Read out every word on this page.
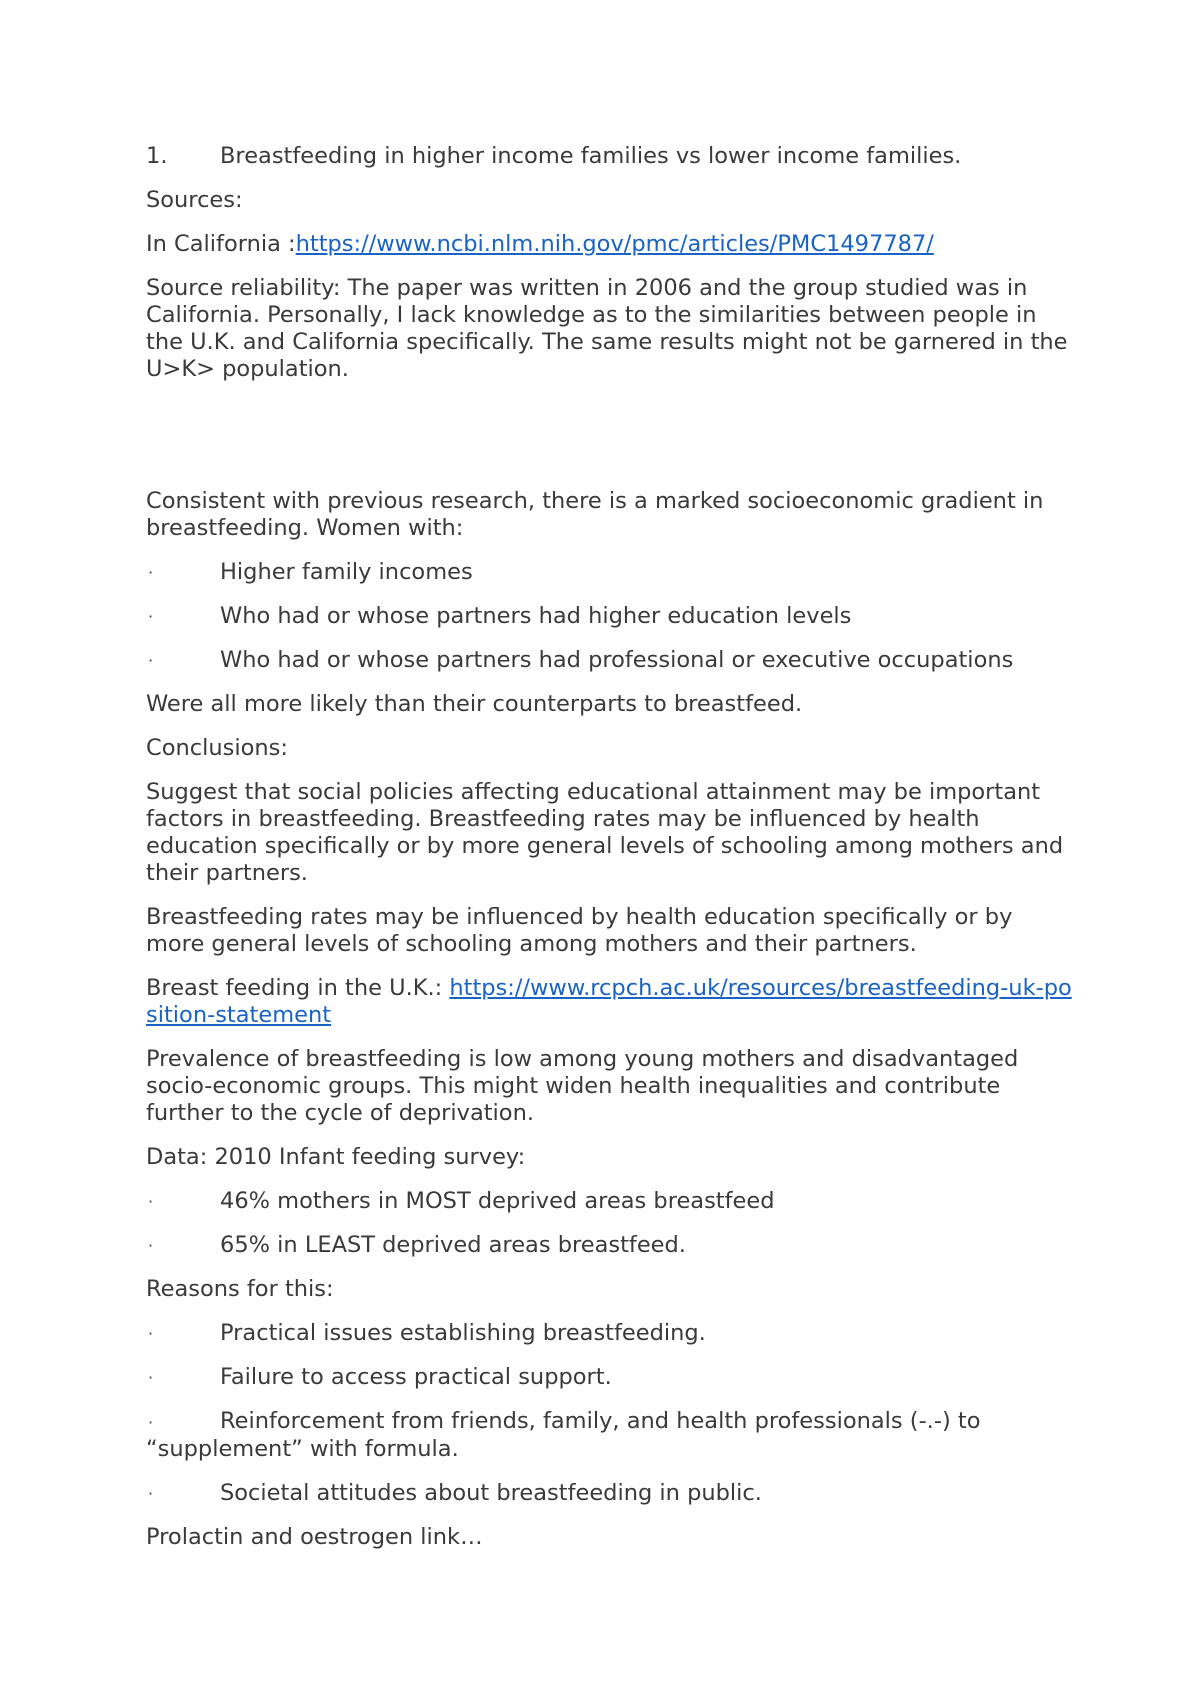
1.	Breastfeeding in higher income families vs lower income families.
Sources:
In California :https://www.ncbi.nlm.nih.gov/pmc/articles/PMC1497787/
Source reliability: The paper was written in 2006 and the group studied was in California. Personally, I lack knowledge as to the similarities between people in the U.K. and California specifically. The same results might not be garnered in the U>K> population.
Consistent with previous research, there is a marked socioeconomic gradient in breastfeeding. Women with:
·	Higher family incomes
·	Who had or whose partners had higher education levels
·	Who had or whose partners had professional or executive occupations
Were all more likely than their counterparts to breastfeed.
Conclusions:
Suggest that social policies affecting educational attainment may be important factors in breastfeeding. Breastfeeding rates may be influenced by health education specifically or by more general levels of schooling among mothers and their partners.
Breastfeeding rates may be influenced by health education specifically or by more general levels of schooling among mothers and their partners.
Breast feeding in the U.K.: https://www.rcpch.ac.uk/resources/breastfeeding-uk-position-statement
Prevalence of breastfeeding is low among young mothers and disadvantaged socio-economic groups. This might widen health inequalities and contribute further to the cycle of deprivation.
Data: 2010 Infant feeding survey:
·	46% mothers in MOST deprived areas breastfeed
·	65% in LEAST deprived areas breastfeed.
Reasons for this:
·	Practical issues establishing breastfeeding.
·	Failure to access practical support.
·	Reinforcement from friends, family, and health professionals (-.-) to “supplement” with formula.
·	Societal attitudes about breastfeeding in public.
Prolactin and oestrogen link…
